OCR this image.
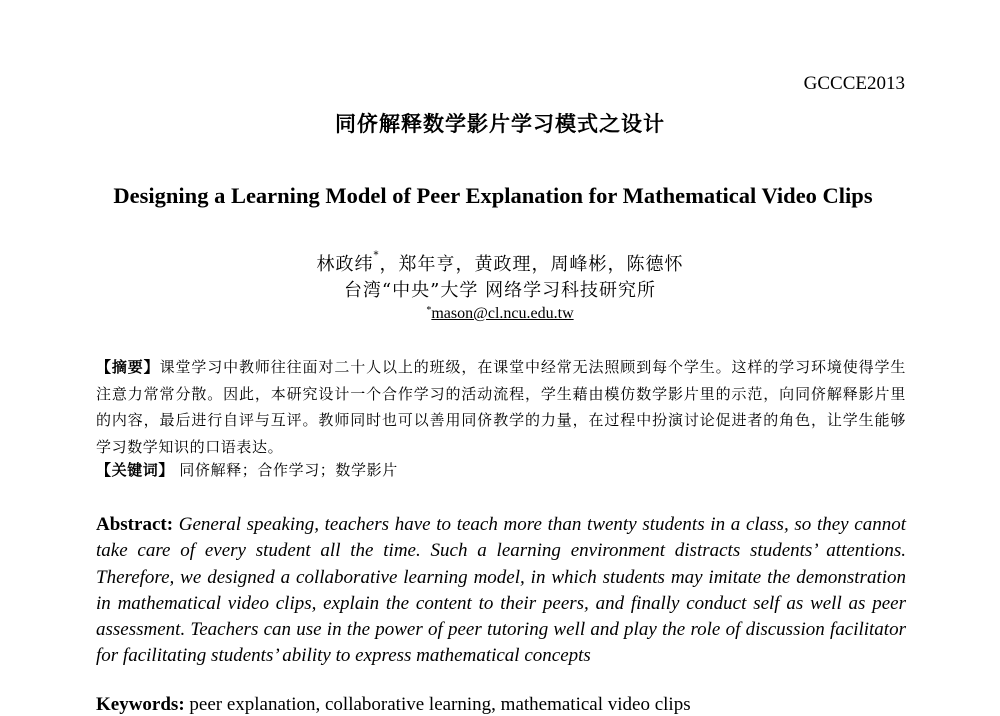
GCCCE2013
同侪解释数学影片学习模式之设计
Designing a Learning Model of Peer Explanation for Mathematical Video Clips
林政纬*，郑年亨，黄政理，周峰彬，陈德怀
台湾“中央”大学 网络学习科技研究所
*mason@cl.ncu.edu.tw
【摘要】课堂学习中教师往往面对二十人以上的班级，在课堂中经常无法照顾到每个学生。这样的学习环境使得学生注意力常常分散。因此，本研究设计一个合作学习的活动流程，学生藉由模仿数学影片里的示范，向同侪解释影片里的内容，最后进行自评与互评。教师同时也可以善用同侪教学的力量，在过程中扮演讨论促进者的角色，让学生能够学习数学知识的口语表达。
【关键词】 同侪解释；合作学习；数学影片
Abstract: General speaking, teachers have to teach more than twenty students in a class, so they cannot take care of every student all the time. Such a learning environment distracts students’ attentions. Therefore, we designed a collaborative learning model, in which students may imitate the demonstration in mathematical video clips, explain the content to their peers, and finally conduct self as well as peer assessment. Teachers can use in the power of peer tutoring well and play the role of discussion facilitator for facilitating students’ ability to express mathematical concepts
Keywords: peer explanation, collaborative learning, mathematical video clips
